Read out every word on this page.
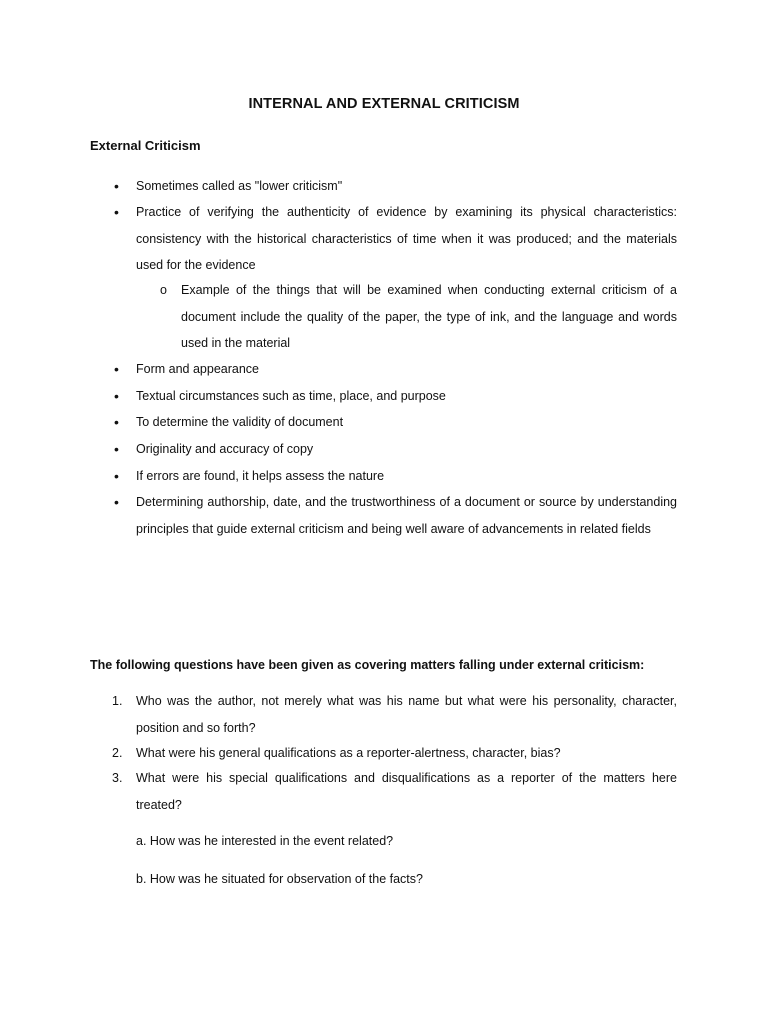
INTERNAL AND EXTERNAL CRITICISM
External Criticism
• Sometimes called as "lower criticism"
• Practice of verifying the authenticity of evidence by examining its physical characteristics: consistency with the historical characteristics of time when it was produced; and the materials used for the evidence
o Example of the things that will be examined when conducting external criticism of a document include the quality of the paper, the type of ink, and the language and words used in the material
• Form and appearance
• Textual circumstances such as time, place, and purpose
• To determine the validity of document
• Originality and accuracy of copy
• If errors are found, it helps assess the nature
• Determining authorship, date, and the trustworthiness of a document or source by understanding principles that guide external criticism and being well aware of advancements in related fields
The following questions have been given as covering matters falling under external criticism:
1. Who was the author, not merely what was his name but what were his personality, character, position and so forth?
2. What were his general qualifications as a reporter-alertness, character, bias?
3. What were his special qualifications and disqualifications as a reporter of the matters here treated?
a. How was he interested in the event related?
b. How was he situated for observation of the facts?
